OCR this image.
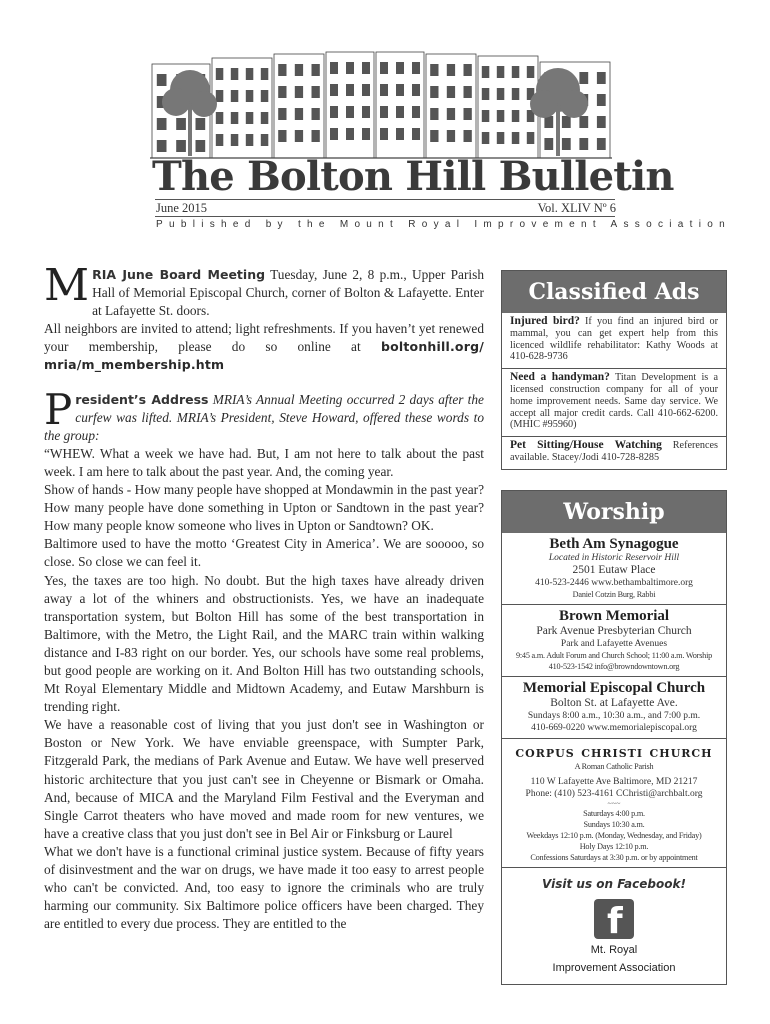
The Bolton Hill Bulletin
June 2015	Vol. XLIV Nº 6
Published by the Mount Royal Improvement Association
M RIA June Board Meeting Tuesday, June 2, 8 p.m., Upper Parish Hall of Memorial Episcopal Church, corner of Bolton & Lafayette. Enter at Lafayette St. doors.

All neighbors are invited to attend; light refreshments. If you haven’t yet renewed your membership, please do so online at boltonhill.org/ mria/m_membership.htm

P resident’s Address MRIA’s Annual Meeting occurred 2 days after the curfew was lifted. MRIA’s President, Steve Howard, offered these words to the group:

“WHEW. What a week we have had. But, I am not here to talk about the past week. I am here to talk about the past year. And, the coming year.

Show of hands - How many people have shopped at Mondawmin in the past year? How many people have done something in Upton or Sandtown in the past year? How many people know someone who lives in Upton or Sandtown? OK.

Baltimore used to have the motto ‘Greatest City in America’. We are sooooo, so close. So close we can feel it.

Yes, the taxes are too high. No doubt. But the high taxes have already driven away a lot of the whiners and obstructionists. Yes, we have an inadequate transportation system, but Bolton Hill has some of the best transportation in Baltimore, with the Metro, the Light Rail, and the MARC train within walking distance and I-83 right on our border. Yes, our schools have some real problems, but good people are working on it. And Bolton Hill has two outstanding schools, Mt Royal Elementary Middle and Midtown Academy, and Eutaw Marshburn is trending right.

We have a reasonable cost of living that you just don't see in Washington or Boston or New York. We have enviable greenspace, with Sumpter Park, Fitzgerald Park, the medians of Park Avenue and Eutaw. We have well preserved historic architecture that you just can't see in Cheyenne or Bismark or Omaha. And, because of MICA and the Maryland Film Festival and the Everyman and Single Carrot theaters who have moved and made room for new ventures, we have a creative class that you just don't see in Bel Air or Finksburg or Laurel

What we don't have is a functional criminal justice system. Because of fifty years of disinvestment and the war on drugs, we have made it too easy to arrest people who can't be convicted. And, too easy to ignore the criminals who are truly harming our community. Six Baltimore police officers have been charged. They are entitled to every due process. They are entitled to the

Classified Ads
Injured bird? If you find an injured bird or mammal, you can get expert help from this licenced wildlife rehabilitator: Kathy Woods at 410-628-9736
Need a handyman? Titan Development is a licensed construction company for all of your home improvement needs. Same day service. We accept all major credit cards. Call 410-662-6200. (MHIC #95960)
Pet Sitting/House Watching References available. Stacey/Jodi 410-728-8285
Worship
Beth Am Synagogue
Located in Historic Reservoir Hill
2501 Eutaw Place
410-523-2446 www.bethambaltimore.org
Daniel Cotzin Burg, Rabbi
Brown Memorial
Park Avenue Presbyterian Church
Park and Lafayette Avenues
9:45 a.m. Adult Forum and Church School; 11:00 a.m. Worship
410-523-1542 info@browndowntown.org
Memorial Episcopal Church
Bolton St. at Lafayette Ave.
Sundays 8:00 a.m., 10:30 a.m., and 7:00 p.m.
410-669-0220 www.memorialepiscopal.org
corpus christi church
A Roman Catholic Parish
110 W Lafayette Ave Baltimore, MD 21217
Phone: (410) 523-4161 CChristi@archbalt.org
~~~
Saturdays 4:00 p.m.
Sundays 10:30 a.m.
Weekdays 12:10 p.m. (Monday, Wednesday, and Friday)
Holy Days 12:10 p.m.
Confessions Saturdays at 3:30 p.m. or by appointment
Visit us on Facebook!
f
Mt. Royal
Improvement Association
